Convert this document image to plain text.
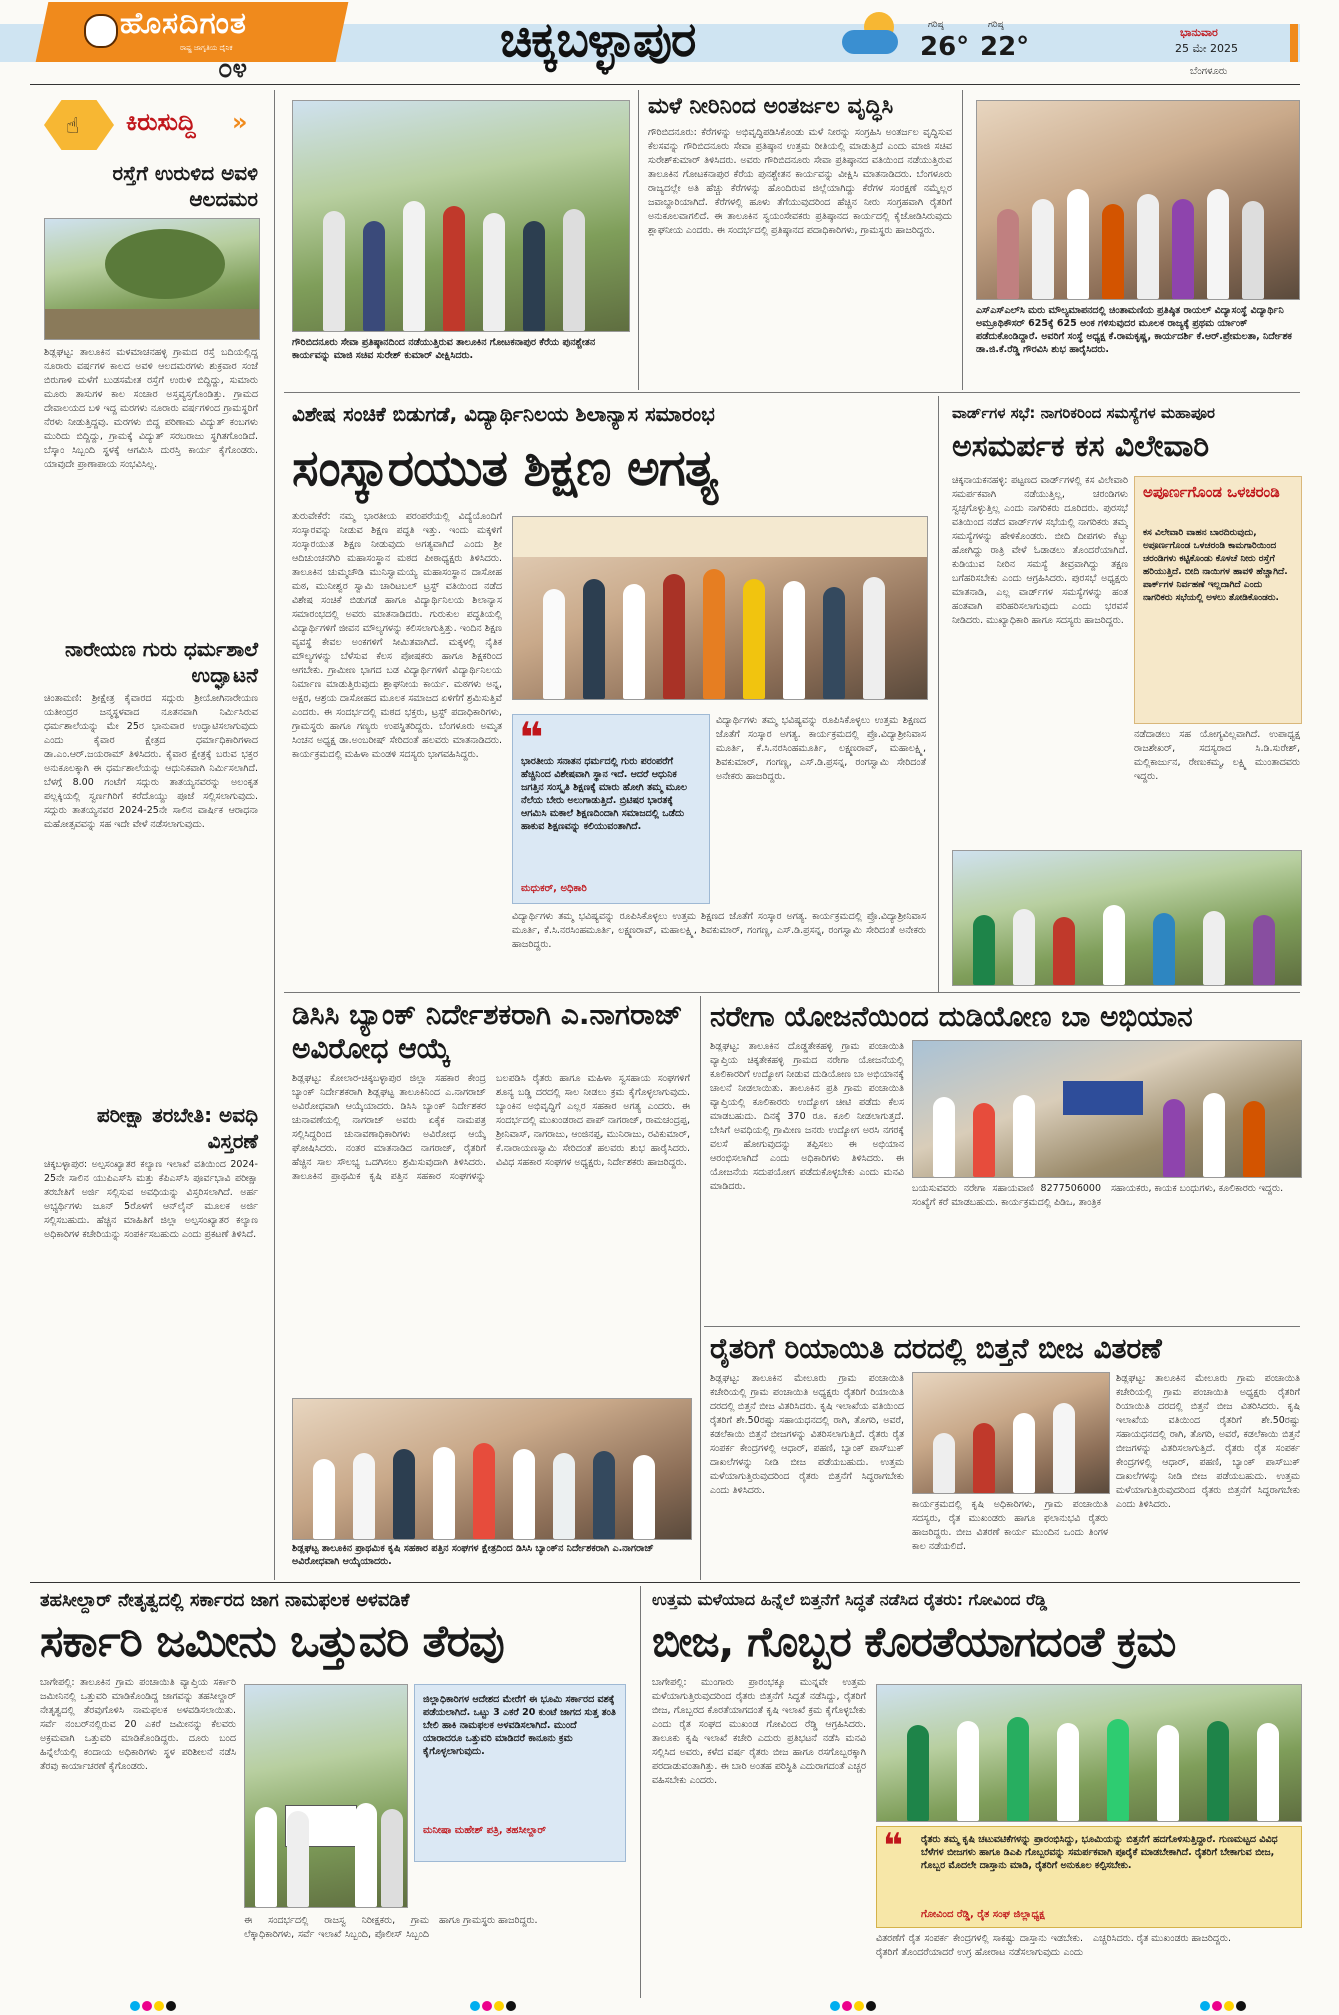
ಹೊಸದಿಗಂತ
ರಾಷ್ಟ್ರ ಜಾಗೃತಿಯ ದೈನಿಕ
೦೪
ಚಿಕ್ಕಬಳ್ಳಾಪುರ	ಗರಿಷ್ಠ
26°
ಗರಿಷ್ಠ
22°	ಭಾನುವಾರ
25 ಮೇ 2025
ಬೆಂಗಳೂರು
☝ ಕಿರುಸುದ್ದಿ »
ರಸ್ತೆಗೆ ಉರುಳಿದ ಅವಳಿ ಆಲದಮರ
ಶಿಡ್ಲಘಟ್ಟ: ತಾಲೂಕಿನ ಮಳಮಾಚನಹಳ್ಳಿ ಗ್ರಾಮದ ರಸ್ತೆ ಬದಿಯಲ್ಲಿದ್ದ ನೂರಾರು ವರ್ಷಗಳ ಕಾಲದ ಅವಳಿ ಆಲದಮರಗಳು ಶುಕ್ರವಾರ ಸಂಜೆ ಬಿರುಗಾಳಿ ಮಳೆಗೆ ಬುಡಸಮೇತ ರಸ್ತೆಗೆ ಉರುಳಿ ಬಿದ್ದಿದ್ದು, ಸುಮಾರು ಮೂರು ತಾಸುಗಳ ಕಾಲ ಸಂಚಾರ ಅಸ್ತವ್ಯಸ್ತಗೊಂಡಿತ್ತು. ಗ್ರಾಮದ ದೇವಾಲಯದ ಬಳಿ ಇದ್ದ ಮರಗಳು ನೂರಾರು ವರ್ಷಗಳಿಂದ ಗ್ರಾಮಸ್ಥರಿಗೆ ನೆರಳು ನೀಡುತ್ತಿದ್ದವು. ಮರಗಳು ಬಿದ್ದ ಪರಿಣಾಮ ವಿದ್ಯುತ್ ಕಂಬಗಳು ಮುರಿದು ಬಿದ್ದಿದ್ದು, ಗ್ರಾಮಕ್ಕೆ ವಿದ್ಯುತ್ ಸರಬರಾಜು ಸ್ಥಗಿತಗೊಂಡಿದೆ. ಬೆಸ್ಕಾಂ ಸಿಬ್ಬಂದಿ ಸ್ಥಳಕ್ಕೆ ಆಗಮಿಸಿ ದುರಸ್ತಿ ಕಾರ್ಯ ಕೈಗೊಂಡರು. ಯಾವುದೇ ಪ್ರಾಣಾಪಾಯ ಸಂಭವಿಸಿಲ್ಲ.
ನಾರೇಯಣ ಗುರು ಧರ್ಮಶಾಲೆ ಉದ್ಘಾಟನೆ
ಚಿಂತಾಮಣಿ: ಶ್ರೀಕ್ಷೇತ್ರ ಕೈವಾರದ ಸದ್ಗುರು ಶ್ರೀಯೋಗಿನಾರೇಯಣ ಯತೀಂದ್ರರ ಜನ್ಮಸ್ಥಳವಾದ ನೂತನವಾಗಿ ನಿರ್ಮಿಸಿರುವ ಧರ್ಮಶಾಲೆಯನ್ನು ಮೇ 25ರ ಭಾನುವಾರ ಉದ್ಘಾಟಿಸಲಾಗುವುದು ಎಂದು ಕೈವಾರ ಕ್ಷೇತ್ರದ ಧರ್ಮಾಧಿಕಾರಿಗಳಾದ ಡಾ.ಎಂ.ಆರ್.ಜಯರಾಮ್ ತಿಳಿಸಿದರು. ಕೈವಾರ ಕ್ಷೇತ್ರಕ್ಕೆ ಬರುವ ಭಕ್ತರ ಅನುಕೂಲಕ್ಕಾಗಿ ಈ ಧರ್ಮಶಾಲೆಯನ್ನು ಆಧುನಿಕವಾಗಿ ನಿರ್ಮಿಸಲಾಗಿದೆ. ಬೆಳಗ್ಗೆ 8.00 ಗಂಟೆಗೆ ಸದ್ಗುರು ತಾತಯ್ಯನವರನ್ನು ಅಲಂಕೃತ ಪಲ್ಲಕ್ಕಿಯಲ್ಲಿ ಸ್ವರ್ಣಗಿರಿಗೆ ಕರೆದೊಯ್ದು ಪೂಜೆ ಸಲ್ಲಿಸಲಾಗುವುದು. ಸದ್ಗುರು ತಾತಯ್ಯನವರ 2024-25ನೇ ಸಾಲಿನ ವಾರ್ಷಿಕ ಆರಾಧನಾ ಮಹೋತ್ಸವವನ್ನು ಸಹ ಇದೇ ವೇಳೆ ನಡೆಸಲಾಗುವುದು.
ಪರೀಕ್ಷಾ ತರಬೇತಿ: ಅವಧಿ ವಿಸ್ತರಣೆ
ಚಿಕ್ಕಬಳ್ಳಾಪುರ: ಅಲ್ಪಸಂಖ್ಯಾತರ ಕಲ್ಯಾಣ ಇಲಾಖೆ ವತಿಯಿಂದ 2024-25ನೇ ಸಾಲಿನ ಯುಪಿಎಸ್‌ಸಿ ಮತ್ತು ಕೆಪಿಎಸ್‌ಸಿ ಪೂರ್ವಭಾವಿ ಪರೀಕ್ಷಾ ತರಬೇತಿಗೆ ಅರ್ಜಿ ಸಲ್ಲಿಸುವ ಅವಧಿಯನ್ನು ವಿಸ್ತರಿಸಲಾಗಿದೆ. ಅರ್ಹ ಅಭ್ಯರ್ಥಿಗಳು ಜೂನ್ 5ರೊಳಗೆ ಆನ್‌ಲೈನ್ ಮೂಲಕ ಅರ್ಜಿ ಸಲ್ಲಿಸಬಹುದು. ಹೆಚ್ಚಿನ ಮಾಹಿತಿಗೆ ಜಿಲ್ಲಾ ಅಲ್ಪಸಂಖ್ಯಾತರ ಕಲ್ಯಾಣ ಅಧಿಕಾರಿಗಳ ಕಚೇರಿಯನ್ನು ಸಂಪರ್ಕಿಸಬಹುದು ಎಂದು ಪ್ರಕಟಣೆ ತಿಳಿಸಿದೆ.
ಗೌರಿಬಿದನೂರು ಸೇವಾ ಪ್ರತಿಷ್ಠಾನದಿಂದ ನಡೆಯುತ್ತಿರುವ ತಾಲೂಕಿನ ಗೋಟಕನಾಪುರ ಕೆರೆಯ ಪುನಶ್ಚೇತನ ಕಾರ್ಯವನ್ನು ಮಾಜಿ ಸಚಿವ ಸುರೇಶ್ ಕುಮಾರ್ ವೀಕ್ಷಿಸಿದರು.
ಮಳೆ ನೀರಿನಿಂದ ಅಂತರ್ಜಲ ವೃದ್ಧಿಸಿ
ಗೌರಿಬಿದನೂರು: ಕೆರೆಗಳನ್ನು ಅಭಿವೃದ್ಧಿಪಡಿಸಿಕೊಂಡು ಮಳೆ ನೀರನ್ನು ಸಂಗ್ರಹಿಸಿ ಅಂತರ್ಜಲ ವೃದ್ಧಿಸುವ ಕೆಲಸವನ್ನು ಗೌರಿಬಿದನೂರು ಸೇವಾ ಪ್ರತಿಷ್ಠಾನ ಉತ್ತಮ ರೀತಿಯಲ್ಲಿ ಮಾಡುತ್ತಿದೆ ಎಂದು ಮಾಜಿ ಸಚಿವ ಸುರೇಶ್‌ಕುಮಾರ್ ತಿಳಿಸಿದರು. ಅವರು ಗೌರಿಬಿದನೂರು ಸೇವಾ ಪ್ರತಿಷ್ಠಾನದ ವತಿಯಿಂದ ನಡೆಯುತ್ತಿರುವ ತಾಲೂಕಿನ ಗೋಟಕನಾಪುರ ಕೆರೆಯ ಪುನಶ್ಚೇತನ ಕಾರ್ಯವನ್ನು ವೀಕ್ಷಿಸಿ ಮಾತನಾಡಿದರು. ಬೆಂಗಳೂರು ರಾಜ್ಯದಲ್ಲೇ ಅತಿ ಹೆಚ್ಚು ಕೆರೆಗಳನ್ನು ಹೊಂದಿರುವ ಜಿಲ್ಲೆಯಾಗಿದ್ದು ಕೆರೆಗಳ ಸಂರಕ್ಷಣೆ ನಮ್ಮೆಲ್ಲರ ಜವಾಬ್ದಾರಿಯಾಗಿದೆ. ಕೆರೆಗಳಲ್ಲಿ ಹೂಳು ತೆಗೆಯುವುದರಿಂದ ಹೆಚ್ಚಿನ ನೀರು ಸಂಗ್ರಹವಾಗಿ ರೈತರಿಗೆ ಅನುಕೂಲವಾಗಲಿದೆ. ಈ ತಾಲೂಕಿನ ಸ್ವಯಂಸೇವಕರು ಪ್ರತಿಷ್ಠಾನದ ಕಾರ್ಯದಲ್ಲಿ ಕೈಜೋಡಿಸಿರುವುದು ಶ್ಲಾಘನೀಯ ಎಂದರು. ಈ ಸಂದರ್ಭದಲ್ಲಿ ಪ್ರತಿಷ್ಠಾನದ ಪದಾಧಿಕಾರಿಗಳು, ಗ್ರಾಮಸ್ಥರು ಹಾಜರಿದ್ದರು.
ಎಸ್‌ಎಸ್‌ಎಲ್‌ಸಿ ಮರು ಮೌಲ್ಯಮಾಪನದಲ್ಲಿ ಚಿಂತಾಮಣಿಯ ಪ್ರತಿಷ್ಠಿತ ರಾಯಲ್ ವಿದ್ಯಾಸಂಸ್ಥೆ ವಿದ್ಯಾರ್ಥಿನಿ ಅಮ್ರೂಥಿಕೌಸರ್ 625ಕ್ಕೆ 625 ಅಂಕ ಗಳಿಸುವುದರ ಮೂಲಕ ರಾಜ್ಯಕ್ಕೆ ಪ್ರಥಮ ರ್ಯಾಂಕ್ ಪಡೆದುಕೊಂಡಿದ್ದಾರೆ. ಅವರಿಗೆ ಸಂಸ್ಥೆ ಅಧ್ಯಕ್ಷ ಕೆ.ರಾಮಕೃಷ್ಣ, ಕಾರ್ಯದರ್ಶಿ ಕೆ.ಆರ್.ಪ್ರೇಮಲತಾ, ನಿರ್ದೇಶಕ ಡಾ.ಜಿ.ಕೆ.ರೆಡ್ಡಿ ಗೌರವಿಸಿ ಶುಭ ಹಾರೈಸಿದರು.
ವಿಶೇಷ ಸಂಚಿಕೆ ಬಿಡುಗಡೆ, ವಿದ್ಯಾರ್ಥಿನಿಲಯ ಶಿಲಾನ್ಯಾಸ ಸಮಾರಂಭ
ಸಂಸ್ಕಾರಯುತ ಶಿಕ್ಷಣ ಅಗತ್ಯ
ತುರುವೇಕೆರೆ: ನಮ್ಮ ಭಾರತೀಯ ಪರಂಪರೆಯಲ್ಲಿ ವಿದ್ಯೆಯೊಂದಿಗೆ ಸಂಸ್ಕಾರವನ್ನು ನೀಡುವ ಶಿಕ್ಷಣ ಪದ್ಧತಿ ಇತ್ತು. ಇಂದು ಮಕ್ಕಳಿಗೆ ಸಂಸ್ಕಾರಯುತ ಶಿಕ್ಷಣ ನೀಡುವುದು ಅಗತ್ಯವಾಗಿದೆ ಎಂದು ಶ್ರೀ ಆದಿಚುಂಚನಗಿರಿ ಮಹಾಸಂಸ್ಥಾನ ಮಠದ ಪೀಠಾಧ್ಯಕ್ಷರು ತಿಳಿಸಿದರು. ತಾಲೂಕಿನ ಚುಮ್ಮಚೌಡಿ ಮುನಿಸ್ವಾಮಯ್ಯ ಮಹಾಸಂಸ್ಥಾನ ದಾಸೋಹ ಮಠ, ಮುನೀಶ್ವರ ಸ್ವಾಮಿ ಚಾರಿಟಬಲ್ ಟ್ರಸ್ಟ್ ವತಿಯಿಂದ ನಡೆದ ವಿಶೇಷ ಸಂಚಿಕೆ ಬಿಡುಗಡೆ ಹಾಗೂ ವಿದ್ಯಾರ್ಥಿನಿಲಯ ಶಿಲಾನ್ಯಾಸ ಸಮಾರಂಭದಲ್ಲಿ ಅವರು ಮಾತನಾಡಿದರು. ಗುರುಕುಲ ಪದ್ಧತಿಯಲ್ಲಿ ವಿದ್ಯಾರ್ಥಿಗಳಿಗೆ ಜೀವನ ಮೌಲ್ಯಗಳನ್ನು ಕಲಿಸಲಾಗುತ್ತಿತ್ತು. ಇಂದಿನ ಶಿಕ್ಷಣ ವ್ಯವಸ್ಥೆ ಕೇವಲ ಅಂಕಗಳಿಗೆ ಸೀಮಿತವಾಗಿದೆ. ಮಕ್ಕಳಲ್ಲಿ ನೈತಿಕ ಮೌಲ್ಯಗಳನ್ನು ಬೆಳೆಸುವ ಕೆಲಸ ಪೋಷಕರು ಹಾಗೂ ಶಿಕ್ಷಕರಿಂದ ಆಗಬೇಕು. ಗ್ರಾಮೀಣ ಭಾಗದ ಬಡ ವಿದ್ಯಾರ್ಥಿಗಳಿಗೆ ವಿದ್ಯಾರ್ಥಿನಿಲಯ ನಿರ್ಮಾಣ ಮಾಡುತ್ತಿರುವುದು ಶ್ಲಾಘನೀಯ ಕಾರ್ಯ. ಮಠಗಳು ಅನ್ನ, ಅಕ್ಷರ, ಆಶ್ರಯ ದಾಸೋಹದ ಮೂಲಕ ಸಮಾಜದ ಏಳಿಗೆಗೆ ಶ್ರಮಿಸುತ್ತಿವೆ ಎಂದರು. ಈ ಸಂದರ್ಭದಲ್ಲಿ ಮಠದ ಭಕ್ತರು, ಟ್ರಸ್ಟ್ ಪದಾಧಿಕಾರಿಗಳು, ಗ್ರಾಮಸ್ಥರು ಹಾಗೂ ಗಣ್ಯರು ಉಪಸ್ಥಿತರಿದ್ದರು. ಬೆಂಗಳೂರು ಅಮೃತ ಸಿಂಚನ ಅಧ್ಯಕ್ಷ ಡಾ.ಅಂಬರೀಷ್ ಸೇರಿದಂತೆ ಹಲವರು ಮಾತನಾಡಿದರು. ಕಾರ್ಯಕ್ರಮದಲ್ಲಿ ಮಹಿಳಾ ಮಂಡಳಿ ಸದಸ್ಯರು ಭಾಗವಹಿಸಿದ್ದರು. ❝
ಭಾರತೀಯ ಸನಾತನ ಧರ್ಮದಲ್ಲಿ ಗುರು ಪರಂಪರೆಗೆ ಹೆಚ್ಚಿನಿಂದ ವಿಶೇಷವಾಗಿ ಸ್ಥಾನ ಇದೆ. ಆದರೆ ಆಧುನಿಕ ಜಗತ್ತಿನ ಸಂಸ್ಕೃತಿ ಶಿಕ್ಷಣಕ್ಕೆ ಮಾರು ಹೋಗಿ ತಮ್ಮ ಮೂಲ ನೆಲೆಯ ಬೇರು ಅಲುಗಾಡುತ್ತಿದೆ. ಬ್ರಿಟಿಷರ ಭಾರತಕ್ಕೆ ಆಗಮಿಸಿ ಮಕಾಲೆ ಶಿಕ್ಷಣದಿಂದಾಗಿ ಸಮಾಜದಲ್ಲಿ ಒಡೆದು ಹಾಕುವ ಶಿಕ್ಷಣವನ್ನು ಕಲಿಯುವಂತಾಗಿದೆ.
ಮಧುಕರ್, ಅಧಿಕಾರಿ
ವಿದ್ಯಾರ್ಥಿಗಳು ತಮ್ಮ ಭವಿಷ್ಯವನ್ನು ರೂಪಿಸಿಕೊಳ್ಳಲು ಉತ್ತಮ ಶಿಕ್ಷಣದ ಜೊತೆಗೆ ಸಂಸ್ಕಾರ ಅಗತ್ಯ. ಕಾರ್ಯಕ್ರಮದಲ್ಲಿ ಪ್ರೊ.ವಿದ್ಯಾಶ್ರೀನಿವಾಸ ಮೂರ್ತಿ, ಕೆ.ಸಿ.ನರಸಿಂಹಮೂರ್ತಿ, ಲಕ್ಷ್ಮಣರಾವ್, ಮಹಾಲಕ್ಷ್ಮಿ, ಶಿವಕುಮಾರ್, ಗಂಗಣ್ಣ, ಎಸ್.ಡಿ.ಪ್ರಸನ್ನ, ರಂಗಸ್ವಾಮಿ ಸೇರಿದಂತೆ ಅನೇಕರು ಹಾಜರಿದ್ದರು.
ವಿದ್ಯಾರ್ಥಿಗಳು ತಮ್ಮ ಭವಿಷ್ಯವನ್ನು ರೂಪಿಸಿಕೊಳ್ಳಲು ಉತ್ತಮ ಶಿಕ್ಷಣದ ಜೊತೆಗೆ ಸಂಸ್ಕಾರ ಅಗತ್ಯ. ಕಾರ್ಯಕ್ರಮದಲ್ಲಿ ಪ್ರೊ.ವಿದ್ಯಾಶ್ರೀನಿವಾಸ ಮೂರ್ತಿ, ಕೆ.ಸಿ.ನರಸಿಂಹಮೂರ್ತಿ, ಲಕ್ಷ್ಮಣರಾವ್, ಮಹಾಲಕ್ಷ್ಮಿ, ಶಿವಕುಮಾರ್, ಗಂಗಣ್ಣ, ಎಸ್.ಡಿ.ಪ್ರಸನ್ನ, ರಂಗಸ್ವಾಮಿ ಸೇರಿದಂತೆ ಅನೇಕರು ಹಾಜರಿದ್ದರು.
ವಾರ್ಡ್‌ಗಳ ಸಭೆ: ನಾಗರಿಕರಿಂದ ಸಮಸ್ಯೆಗಳ ಮಹಾಪೂರ
ಅಸಮರ್ಪಕ ಕಸ ವಿಲೇವಾರಿ
ಚಿಕ್ಕನಾಯಕನಹಳ್ಳಿ: ಪಟ್ಟಣದ ವಾರ್ಡ್‌ಗಳಲ್ಲಿ ಕಸ ವಿಲೇವಾರಿ ಸಮರ್ಪಕವಾಗಿ ನಡೆಯುತ್ತಿಲ್ಲ, ಚರಂಡಿಗಳು ಸ್ವಚ್ಛಗೊಳ್ಳುತ್ತಿಲ್ಲ ಎಂದು ನಾಗರಿಕರು ದೂರಿದರು. ಪುರಸಭೆ ವತಿಯಿಂದ ನಡೆದ ವಾರ್ಡ್‌ಗಳ ಸಭೆಯಲ್ಲಿ ನಾಗರಿಕರು ತಮ್ಮ ಸಮಸ್ಯೆಗಳನ್ನು ಹೇಳಿಕೊಂಡರು. ಬೀದಿ ದೀಪಗಳು ಕೆಟ್ಟು ಹೋಗಿದ್ದು ರಾತ್ರಿ ವೇಳೆ ಓಡಾಡಲು ತೊಂದರೆಯಾಗಿದೆ. ಕುಡಿಯುವ ನೀರಿನ ಸಮಸ್ಯೆ ತೀವ್ರವಾಗಿದ್ದು ತಕ್ಷಣ ಬಗೆಹರಿಸಬೇಕು ಎಂದು ಆಗ್ರಹಿಸಿದರು. ಪುರಸಭೆ ಅಧ್ಯಕ್ಷರು ಮಾತನಾಡಿ, ಎಲ್ಲ ವಾರ್ಡ್‌ಗಳ ಸಮಸ್ಯೆಗಳನ್ನು ಹಂತ ಹಂತವಾಗಿ ಪರಿಹರಿಸಲಾಗುವುದು ಎಂದು ಭರವಸೆ ನೀಡಿದರು. ಮುಖ್ಯಾಧಿಕಾರಿ ಹಾಗೂ ಸದಸ್ಯರು ಹಾಜರಿದ್ದರು.
ಅಪೂರ್ಣಗೊಂಡ ಒಳಚರಂಡಿ
ಕಸ ವಿಲೇವಾರಿ ವಾಹನ ಬಾರದಿರುವುದು, ಅಪೂರ್ಣಗೊಂಡ ಒಳಚರಂಡಿ ಕಾಮಗಾರಿಯಿಂದ ಚರಂಡಿಗಳು ಕಟ್ಟಿಕೊಂಡು ಕೊಳಚೆ ನೀರು ರಸ್ತೆಗೆ ಹರಿಯುತ್ತಿದೆ. ಬೀದಿ ನಾಯಿಗಳ ಹಾವಳಿ ಹೆಚ್ಚಾಗಿದೆ. ಪಾರ್ಕ್‌ಗಳ ನಿರ್ವಹಣೆ ಇಲ್ಲದಾಗಿದೆ ಎಂದು ನಾಗರಿಕರು ಸಭೆಯಲ್ಲಿ ಅಳಲು ತೋಡಿಕೊಂಡರು.
ನಡೆದಾಡಲು ಸಹ ಯೋಗ್ಯವಿಲ್ಲವಾಗಿದೆ. ಉಪಾಧ್ಯಕ್ಷ ರಾಜಶೇಖರ್, ಸದಸ್ಯರಾದ ಸಿ.ಡಿ.ಸುರೇಶ್, ಮಲ್ಲಿಕಾರ್ಜುನ, ರೇಣುಕಮ್ಮ, ಲಕ್ಷ್ಮಿ ಮುಂತಾದವರು ಇದ್ದರು.
ಡಿಸಿಸಿ ಬ್ಯಾಂಕ್ ನಿರ್ದೇಶಕರಾಗಿ ಎ.ನಾಗರಾಜ್ ಅವಿರೋಧ ಆಯ್ಕೆ
ಶಿಡ್ಲಘಟ್ಟ: ಕೋಲಾರ-ಚಿಕ್ಕಬಳ್ಳಾಪುರ ಜಿಲ್ಲಾ ಸಹಕಾರ ಕೇಂದ್ರ ಬ್ಯಾಂಕ್ ನಿರ್ದೇಶಕರಾಗಿ ಶಿಡ್ಲಘಟ್ಟ ತಾಲೂಕಿನಿಂದ ಎ.ನಾಗರಾಜ್ ಅವಿರೋಧವಾಗಿ ಆಯ್ಕೆಯಾದರು. ಡಿಸಿಸಿ ಬ್ಯಾಂಕ್ ನಿರ್ದೇಶಕರ ಚುನಾವಣೆಯಲ್ಲಿ ನಾಗರಾಜ್ ಅವರು ಏಕೈಕ ನಾಮಪತ್ರ ಸಲ್ಲಿಸಿದ್ದರಿಂದ ಚುನಾವಣಾಧಿಕಾರಿಗಳು ಅವಿರೋಧ ಆಯ್ಕೆ ಘೋಷಿಸಿದರು. ನಂತರ ಮಾತನಾಡಿದ ನಾಗರಾಜ್, ರೈತರಿಗೆ ಹೆಚ್ಚಿನ ಸಾಲ ಸೌಲಭ್ಯ ಒದಗಿಸಲು ಶ್ರಮಿಸುವುದಾಗಿ ತಿಳಿಸಿದರು. ತಾಲೂಕಿನ ಪ್ರಾಥಮಿಕ ಕೃಷಿ ಪತ್ತಿನ ಸಹಕಾರ ಸಂಘಗಳನ್ನು ಬಲಪಡಿಸಿ ರೈತರು ಹಾಗೂ ಮಹಿಳಾ ಸ್ವಸಹಾಯ ಸಂಘಗಳಿಗೆ ಶೂನ್ಯ ಬಡ್ಡಿ ದರದಲ್ಲಿ ಸಾಲ ನೀಡಲು ಕ್ರಮ ಕೈಗೊಳ್ಳಲಾಗುವುದು. ಬ್ಯಾಂಕಿನ ಅಭಿವೃದ್ಧಿಗೆ ಎಲ್ಲರ ಸಹಕಾರ ಅಗತ್ಯ ಎಂದರು. ಈ ಸಂದರ್ಭದಲ್ಲಿ ಮುಖಂಡರಾದ ಪಾಪ್ ನಾಗರಾಜ್, ರಾಮಚಂದ್ರಪ್ಪ, ಶ್ರೀನಿವಾಸ್, ನಾಗರಾಜು, ಆಂಜಿನಪ್ಪ, ಮುನಿರಾಜು, ರವಿಕುಮಾರ್, ಕೆ.ನಾರಾಯಣಸ್ವಾಮಿ ಸೇರಿದಂತೆ ಹಲವರು ಶುಭ ಹಾರೈಸಿದರು. ವಿವಿಧ ಸಹಕಾರ ಸಂಘಗಳ ಅಧ್ಯಕ್ಷರು, ನಿರ್ದೇಶಕರು ಹಾಜರಿದ್ದರು.
ಶಿಡ್ಲಘಟ್ಟ ತಾಲೂಕಿನ ಪ್ರಾಥಮಿಕ ಕೃಷಿ ಸಹಕಾರ ಪತ್ತಿನ ಸಂಘಗಳ ಕ್ಷೇತ್ರದಿಂದ ಡಿಸಿಸಿ ಬ್ಯಾಂಕ್‌ನ ನಿರ್ದೇಶಕರಾಗಿ ಎ.ನಾಗರಾಜ್ ಅವಿರೋಧವಾಗಿ ಆಯ್ಕೆಯಾದರು.
ನರೇಗಾ ಯೋಜನೆಯಿಂದ ದುಡಿಯೋಣ ಬಾ ಅಭಿಯಾನ
ಶಿಡ್ಲಘಟ್ಟ: ತಾಲೂಕಿನ ದೊಡ್ಡತೇಕಹಳ್ಳಿ ಗ್ರಾಮ ಪಂಚಾಯಿತಿ ವ್ಯಾಪ್ತಿಯ ಚಿಕ್ಕತೇಕಹಳ್ಳಿ ಗ್ರಾಮದ ನರೇಗಾ ಯೋಜನೆಯಲ್ಲಿ ಕೂಲಿಕಾರರಿಗೆ ಉದ್ಯೋಗ ನೀಡುವ ದುಡಿಯೋಣ ಬಾ ಅಭಿಯಾನಕ್ಕೆ ಚಾಲನೆ ನೀಡಲಾಯಿತು. ತಾಲೂಕಿನ ಪ್ರತಿ ಗ್ರಾಮ ಪಂಚಾಯಿತಿ ವ್ಯಾಪ್ತಿಯಲ್ಲಿ ಕೂಲಿಕಾರರು ಉದ್ಯೋಗ ಚೀಟಿ ಪಡೆದು ಕೆಲಸ ಮಾಡಬಹುದು. ದಿನಕ್ಕೆ 370 ರೂ. ಕೂಲಿ ನೀಡಲಾಗುತ್ತದೆ. ಬೇಸಿಗೆ ಅವಧಿಯಲ್ಲಿ ಗ್ರಾಮೀಣ ಜನರು ಉದ್ಯೋಗ ಅರಸಿ ನಗರಕ್ಕೆ ವಲಸೆ ಹೋಗುವುದನ್ನು ತಪ್ಪಿಸಲು ಈ ಅಭಿಯಾನ ಆರಂಭಿಸಲಾಗಿದೆ ಎಂದು ಅಧಿಕಾರಿಗಳು ತಿಳಿಸಿದರು. ಈ ಯೋಜನೆಯ ಸದುಪಯೋಗ ಪಡೆದುಕೊಳ್ಳಬೇಕು ಎಂದು ಮನವಿ ಮಾಡಿದರು.	ಬಯಸುವವರು ನರೇಗಾ ಸಹಾಯವಾಣಿ 8277506000 ಸಂಖ್ಯೆಗೆ ಕರೆ ಮಾಡಬಹುದು. ಕಾರ್ಯಕ್ರಮದಲ್ಲಿ ಪಿಡಿಒ, ತಾಂತ್ರಿಕ ಸಹಾಯಕರು, ಕಾಯಕ ಬಂಧುಗಳು, ಕೂಲಿಕಾರರು ಇದ್ದರು.
ರೈತರಿಗೆ ರಿಯಾಯಿತಿ ದರದಲ್ಲಿ ಬಿತ್ತನೆ ಬೀಜ ವಿತರಣೆ
ಶಿಡ್ಲಘಟ್ಟ: ತಾಲೂಕಿನ ಮೇಲೂರು ಗ್ರಾಮ ಪಂಚಾಯಿತಿ ಕಚೇರಿಯಲ್ಲಿ ಗ್ರಾಮ ಪಂಚಾಯಿತಿ ಅಧ್ಯಕ್ಷರು ರೈತರಿಗೆ ರಿಯಾಯಿತಿ ದರದಲ್ಲಿ ಬಿತ್ತನೆ ಬೀಜ ವಿತರಿಸಿದರು. ಕೃಷಿ ಇಲಾಖೆಯ ವತಿಯಿಂದ ರೈತರಿಗೆ ಶೇ.50ರಷ್ಟು ಸಹಾಯಧನದಲ್ಲಿ ರಾಗಿ, ತೊಗರಿ, ಅವರೆ, ಕಡಲೆಕಾಯಿ ಬಿತ್ತನೆ ಬೀಜಗಳನ್ನು ವಿತರಿಸಲಾಗುತ್ತಿದೆ. ರೈತರು ರೈತ ಸಂಪರ್ಕ ಕೇಂದ್ರಗಳಲ್ಲಿ ಆಧಾರ್, ಪಹಣಿ, ಬ್ಯಾಂಕ್ ಪಾಸ್‌ಬುಕ್ ದಾಖಲೆಗಳನ್ನು ನೀಡಿ ಬೀಜ ಪಡೆಯಬಹುದು. ಉತ್ತಮ ಮಳೆಯಾಗುತ್ತಿರುವುದರಿಂದ ರೈತರು ಬಿತ್ತನೆಗೆ ಸಿದ್ಧರಾಗಬೇಕು ಎಂದು ತಿಳಿಸಿದರು.
ಕಾರ್ಯಕ್ರಮದಲ್ಲಿ ಕೃಷಿ ಅಧಿಕಾರಿಗಳು, ಗ್ರಾಮ ಪಂಚಾಯಿತಿ ಸದಸ್ಯರು, ರೈತ ಮುಖಂಡರು ಹಾಗೂ ಫಲಾನುಭವಿ ರೈತರು ಹಾಜರಿದ್ದರು. ಬೀಜ ವಿತರಣೆ ಕಾರ್ಯ ಮುಂದಿನ ಒಂದು ತಿಂಗಳ ಕಾಲ ನಡೆಯಲಿದೆ.
ಶಿಡ್ಲಘಟ್ಟ: ತಾಲೂಕಿನ ಮೇಲೂರು ಗ್ರಾಮ ಪಂಚಾಯಿತಿ ಕಚೇರಿಯಲ್ಲಿ ಗ್ರಾಮ ಪಂಚಾಯಿತಿ ಅಧ್ಯಕ್ಷರು ರೈತರಿಗೆ ರಿಯಾಯಿತಿ ದರದಲ್ಲಿ ಬಿತ್ತನೆ ಬೀಜ ವಿತರಿಸಿದರು. ಕೃಷಿ ಇಲಾಖೆಯ ವತಿಯಿಂದ ರೈತರಿಗೆ ಶೇ.50ರಷ್ಟು ಸಹಾಯಧನದಲ್ಲಿ ರಾಗಿ, ತೊಗರಿ, ಅವರೆ, ಕಡಲೆಕಾಯಿ ಬಿತ್ತನೆ ಬೀಜಗಳನ್ನು ವಿತರಿಸಲಾಗುತ್ತಿದೆ. ರೈತರು ರೈತ ಸಂಪರ್ಕ ಕೇಂದ್ರಗಳಲ್ಲಿ ಆಧಾರ್, ಪಹಣಿ, ಬ್ಯಾಂಕ್ ಪಾಸ್‌ಬುಕ್ ದಾಖಲೆಗಳನ್ನು ನೀಡಿ ಬೀಜ ಪಡೆಯಬಹುದು. ಉತ್ತಮ ಮಳೆಯಾಗುತ್ತಿರುವುದರಿಂದ ರೈತರು ಬಿತ್ತನೆಗೆ ಸಿದ್ಧರಾಗಬೇಕು ಎಂದು ತಿಳಿಸಿದರು.
ತಹಸೀಲ್ದಾರ್ ನೇತೃತ್ವದಲ್ಲಿ ಸರ್ಕಾರದ ಜಾಗ ನಾಮಫಲಕ ಅಳವಡಿಕೆ
ಸರ್ಕಾರಿ ಜಮೀನು ಒತ್ತುವರಿ ತೆರವು
ಬಾಗೇಪಲ್ಲಿ: ತಾಲೂಕಿನ ಗ್ರಾಮ ಪಂಚಾಯಿತಿ ವ್ಯಾಪ್ತಿಯ ಸರ್ಕಾರಿ ಜಮೀನಿನಲ್ಲಿ ಒತ್ತುವರಿ ಮಾಡಿಕೊಂಡಿದ್ದ ಜಾಗವನ್ನು ತಹಸೀಲ್ದಾರ್ ನೇತೃತ್ವದಲ್ಲಿ ತೆರವುಗೊಳಿಸಿ ನಾಮಫಲಕ ಅಳವಡಿಸಲಾಯಿತು. ಸರ್ವೆ ನಂಬರ್‌ನಲ್ಲಿರುವ 20 ಎಕರೆ ಜಮೀನನ್ನು ಕೆಲವರು ಅಕ್ರಮವಾಗಿ ಒತ್ತುವರಿ ಮಾಡಿಕೊಂಡಿದ್ದರು. ದೂರು ಬಂದ ಹಿನ್ನೆಲೆಯಲ್ಲಿ ಕಂದಾಯ ಅಧಿಕಾರಿಗಳು ಸ್ಥಳ ಪರಿಶೀಲನೆ ನಡೆಸಿ ತೆರವು ಕಾರ್ಯಾಚರಣೆ ಕೈಗೊಂಡರು.
ಜಿಲ್ಲಾಧಿಕಾರಿಗಳ ಆದೇಶದ ಮೇರೆಗೆ ಈ ಭೂಮಿ ಸರ್ಕಾರದ ವಶಕ್ಕೆ ಪಡೆಯಲಾಗಿದೆ. ಒಟ್ಟು 3 ಎಕರೆ 20 ಕುಂಟೆ ಜಾಗದ ಸುತ್ತ ತಂತಿ ಬೇಲಿ ಹಾಕಿ ನಾಮಫಲಕ ಅಳವಡಿಸಲಾಗಿದೆ. ಮುಂದೆ ಯಾರಾದರೂ ಒತ್ತುವರಿ ಮಾಡಿದರೆ ಕಾನೂನು ಕ್ರಮ ಕೈಗೊಳ್ಳಲಾಗುವುದು.
ಮನೀಷಾ ಮಹೇಶ್ ಪತ್ರಿ, ತಹಸೀಲ್ದಾರ್
ಈ ಸಂದರ್ಭದಲ್ಲಿ ರಾಜಸ್ವ ನಿರೀಕ್ಷಕರು, ಗ್ರಾಮ ಲೆಕ್ಕಾಧಿಕಾರಿಗಳು, ಸರ್ವೆ ಇಲಾಖೆ ಸಿಬ್ಬಂದಿ, ಪೊಲೀಸ್ ಸಿಬ್ಬಂದಿ ಹಾಗೂ ಗ್ರಾಮಸ್ಥರು ಹಾಜರಿದ್ದರು.
ಉತ್ತಮ ಮಳೆಯಾದ ಹಿನ್ನೆಲೆ ಬಿತ್ತನೆಗೆ ಸಿದ್ಧತೆ ನಡೆಸಿದ ರೈತರು: ಗೋವಿಂದ ರೆಡ್ಡಿ
ಬೀಜ, ಗೊಬ್ಬರ ಕೊರತೆಯಾಗದಂತೆ ಕ್ರಮ
ಬಾಗೇಪಲ್ಲಿ: ಮುಂಗಾರು ಪ್ರಾರಂಭಕ್ಕೂ ಮುನ್ನವೇ ಉತ್ತಮ ಮಳೆಯಾಗುತ್ತಿರುವುದರಿಂದ ರೈತರು ಬಿತ್ತನೆಗೆ ಸಿದ್ಧತೆ ನಡೆಸಿದ್ದು, ರೈತರಿಗೆ ಬೀಜ, ಗೊಬ್ಬರದ ಕೊರತೆಯಾಗದಂತೆ ಕೃಷಿ ಇಲಾಖೆ ಕ್ರಮ ಕೈಗೊಳ್ಳಬೇಕು ಎಂದು ರೈತ ಸಂಘದ ಮುಖಂಡ ಗೋವಿಂದ ರೆಡ್ಡಿ ಆಗ್ರಹಿಸಿದರು. ತಾಲೂಕು ಕೃಷಿ ಇಲಾಖೆ ಕಚೇರಿ ಎದುರು ಪ್ರತಿಭಟನೆ ನಡೆಸಿ ಮನವಿ ಸಲ್ಲಿಸಿದ ಅವರು, ಕಳೆದ ವರ್ಷ ರೈತರು ಬೀಜ ಹಾಗೂ ರಸಗೊಬ್ಬರಕ್ಕಾಗಿ ಪರದಾಡುವಂತಾಗಿತ್ತು. ಈ ಬಾರಿ ಅಂತಹ ಪರಿಸ್ಥಿತಿ ಎದುರಾಗದಂತೆ ಎಚ್ಚರ ವಹಿಸಬೇಕು ಎಂದರು.
❝ ರೈತರು ತಮ್ಮ ಕೃಷಿ ಚಟುವಟಿಕೆಗಳನ್ನು ಪ್ರಾರಂಭಿಸಿದ್ದು, ಭೂಮಿಯನ್ನು ಬಿತ್ತನೆಗೆ ಹದಗೊಳಿಸುತ್ತಿದ್ದಾರೆ. ಗುಣಮಟ್ಟದ ವಿವಿಧ ಬೆಳೆಗಳ ಬೀಜಗಳು ಹಾಗೂ ಡಿಎಪಿ ಗೊಬ್ಬರವನ್ನು ಸಮರ್ಪಕವಾಗಿ ಪೂರೈಕೆ ಮಾಡಬೇಕಾಗಿದೆ. ರೈತರಿಗೆ ಬೇಕಾಗುವ ಬೀಜ, ಗೊಬ್ಬರ ಮೊದಲೇ ದಾಸ್ತಾನು ಮಾಡಿ, ರೈತರಿಗೆ ಅನುಕೂಲ ಕಲ್ಪಿಸಬೇಕು.
ಗೋವಿಂದ ರೆಡ್ಡಿ, ರೈತ ಸಂಘ ಜಿಲ್ಲಾಧ್ಯಕ್ಷ
ವಿತರಣೆಗೆ ರೈತ ಸಂಪರ್ಕ ಕೇಂದ್ರಗಳಲ್ಲಿ ಸಾಕಷ್ಟು ದಾಸ್ತಾನು ಇಡಬೇಕು. ರೈತರಿಗೆ ತೊಂದರೆಯಾದರೆ ಉಗ್ರ ಹೋರಾಟ ನಡೆಸಲಾಗುವುದು ಎಂದು ಎಚ್ಚರಿಸಿದರು. ರೈತ ಮುಖಂಡರು ಹಾಜರಿದ್ದರು.
